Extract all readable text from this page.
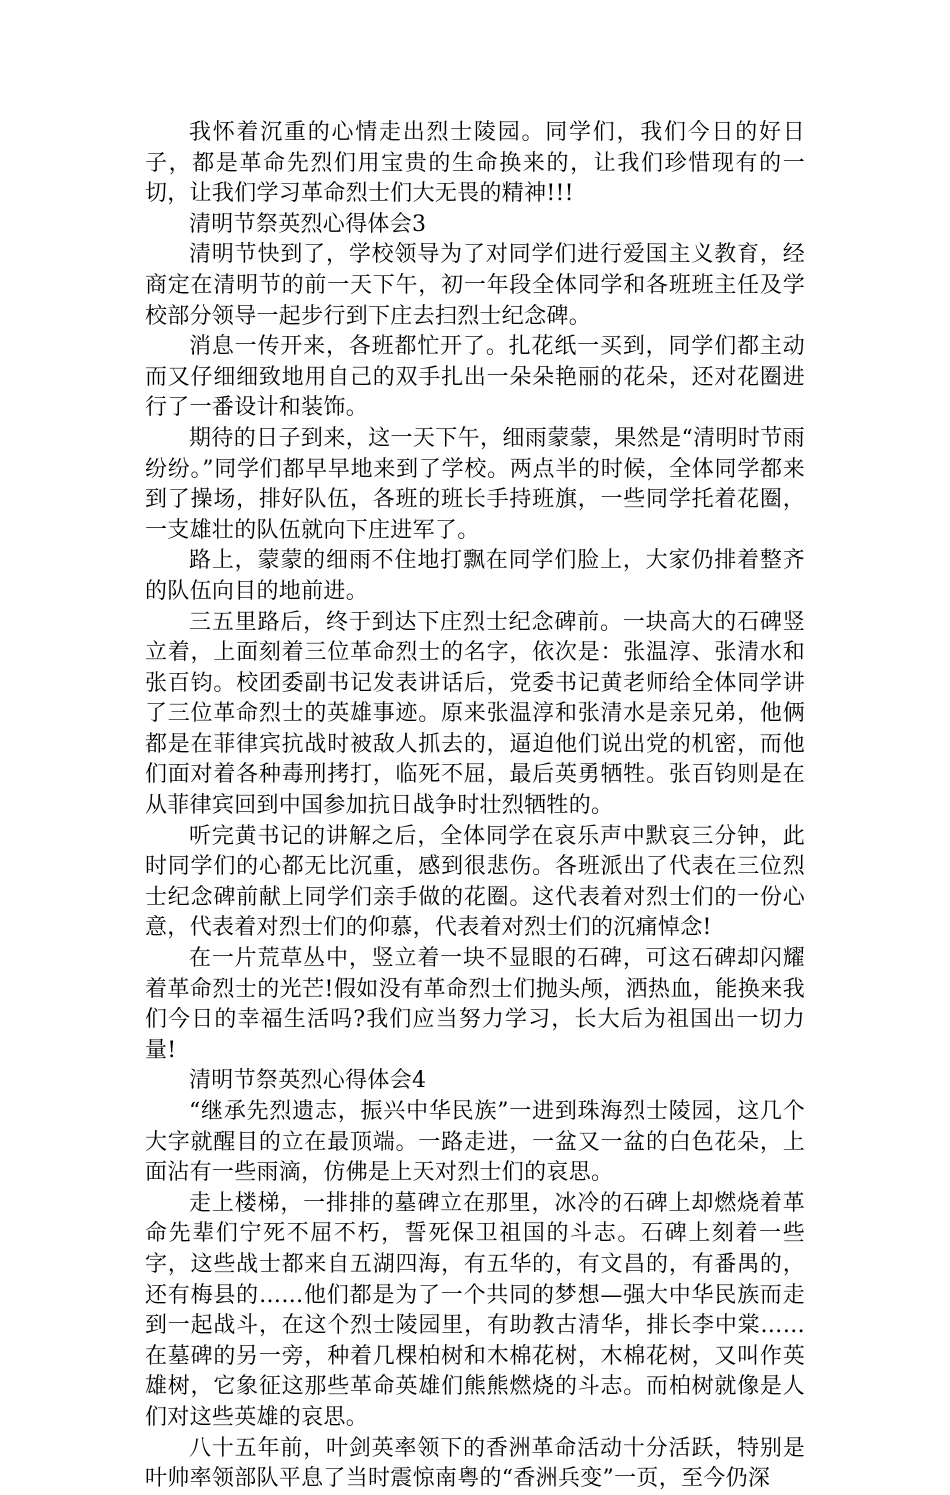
我怀着沉重的心情走出烈士陵园。同学们，我们今日的好日子，都是革命先烈们用宝贵的生命换来的，让我们珍惜现有的一切，让我们学习革命烈士们大无畏的精神!!!

清明节祭英烈心得体会3

清明节快到了，学校领导为了对同学们进行爱国主义教育，经商定在清明节的前一天下午，初一年段全体同学和各班班主任及学校部分领导一起步行到下庄去扫烈士纪念碑。

消息一传开来，各班都忙开了。扎花纸一买到，同学们都主动而又仔细细致地用自己的双手扎出一朵朵艳丽的花朵，还对花圈进行了一番设计和装饰。

期待的日子到来，这一天下午，细雨蒙蒙，果然是“清明时节雨纷纷。”同学们都早早地来到了学校。两点半的时候，全体同学都来到了操场，排好队伍，各班的班长手持班旗，一些同学托着花圈，一支雄壮的队伍就向下庄进军了。

路上，蒙蒙的细雨不住地打飘在同学们脸上，大家仍排着整齐的队伍向目的地前进。

三五里路后，终于到达下庄烈士纪念碑前。一块高大的石碑竖立着，上面刻着三位革命烈士的名字，依次是：张温淳、张清水和张百钧。校团委副书记发表讲话后，党委书记黄老师给全体同学讲了三位革命烈士的英雄事迹。原来张温淳和张清水是亲兄弟，他俩都是在菲律宾抗战时被敌人抓去的，逼迫他们说出党的机密，而他们面对着各种毒刑拷打，临死不屈，最后英勇牺牲。张百钧则是在从菲律宾回到中国参加抗日战争时壮烈牺牲的。

听完黄书记的讲解之后，全体同学在哀乐声中默哀三分钟，此时同学们的心都无比沉重，感到很悲伤。各班派出了代表在三位烈士纪念碑前献上同学们亲手做的花圈。这代表着对烈士们的一份心意，代表着对烈士们的仰慕，代表着对烈士们的沉痛悼念!

在一片荒草丛中，竖立着一块不显眼的石碑，可这石碑却闪耀着革命烈士的光芒!假如没有革命烈士们抛头颅，洒热血，能换来我们今日的幸福生活吗?我们应当努力学习，长大后为祖国出一切力量!

清明节祭英烈心得体会4

“继承先烈遗志，振兴中华民族”一进到珠海烈士陵园，这几个大字就醒目的立在最顶端。一路走进，一盆又一盆的白色花朵，上面沾有一些雨滴，仿佛是上天对烈士们的哀思。

走上楼梯，一排排的墓碑立在那里，冰冷的石碑上却燃烧着革命先辈们宁死不屈不朽，誓死保卫祖国的斗志。石碑上刻着一些字，这些战士都来自五湖四海，有五华的，有文昌的，有番禺的，还有梅县的……他们都是为了一个共同的梦想—强大中华民族而走到一起战斗，在这个烈士陵园里，有助教古清华，排长李中棠……在墓碑的另一旁，种着几棵柏树和木棉花树，木棉花树，又叫作英雄树，它象征这那些革命英雄们熊熊燃烧的斗志。而柏树就像是人们对这些英雄的哀思。

八十五年前，叶剑英率领下的香洲革命活动十分活跃，特别是叶帅率领部队平息了当时震惊南粤的“香洲兵变”一页，至今仍深
